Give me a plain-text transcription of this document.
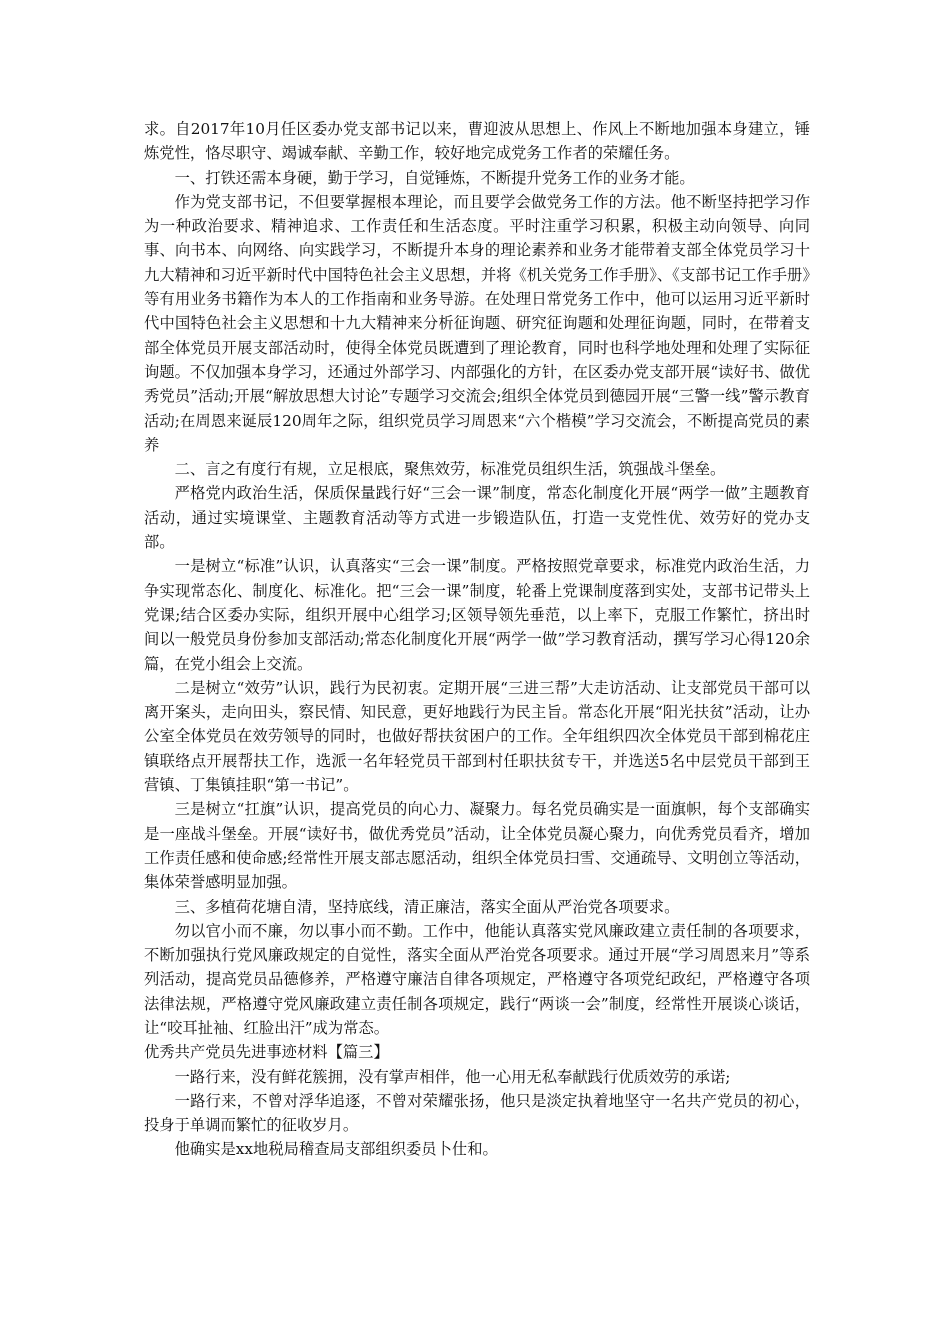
求。自2017年10月任区委办党支部书记以来，曹迎波从思想上、作风上不断地加强本身建立，锤炼党性，恪尽职守、竭诚奉献、辛勤工作，较好地完成党务工作者的荣耀任务。

一、打铁还需本身硬，勤于学习，自觉锤炼，不断提升党务工作的业务才能。

作为党支部书记，不但要掌握根本理论，而且要学会做党务工作的方法。他不断坚持把学习作为一种政治要求、精神追求、工作责任和生活态度。平时注重学习积累，积极主动向领导、向同事、向书本、向网络、向实践学习，不断提升本身的理论素养和业务才能带着支部全体党员学习十九大精神和习近平新时代中国特色社会主义思想，并将《机关党务工作手册》、《支部书记工作手册》等有用业务书籍作为本人的工作指南和业务导游。在处理日常党务工作中，他可以运用习近平新时代中国特色社会主义思想和十九大精神来分析征询题、研究征询题和处理征询题，同时，在带着支部全体党员开展支部活动时，使得全体党员既遭到了理论教育，同时也科学地处理和处理了实际征询题。不仅加强本身学习，还通过外部学习、内部强化的方针，在区委办党支部开展“读好书、做优秀党员”活动;开展“解放思想大讨论”专题学习交流会;组织全体党员到德园开展“三警一线”警示教育活动;在周恩来诞辰120周年之际，组织党员学习周恩来“六个楷模”学习交流会，不断提高党员的素养

二、言之有度行有规，立足根底，聚焦效劳，标准党员组织生活，筑强战斗堡垒。

严格党内政治生活，保质保量践行好“三会一课”制度，常态化制度化开展“两学一做”主题教育活动，通过实境课堂、主题教育活动等方式进一步锻造队伍，打造一支党性优、效劳好的党办支部。

一是树立“标准”认识，认真落实“三会一课”制度。严格按照党章要求，标准党内政治生活，力争实现常态化、制度化、标准化。把“三会一课”制度，轮番上党课制度落到实处，支部书记带头上党课;结合区委办实际，组织开展中心组学习;区领导领先垂范，以上率下，克服工作繁忙，挤出时间以一般党员身份参加支部活动;常态化制度化开展“两学一做”学习教育活动，撰写学习心得120余篇，在党小组会上交流。

二是树立“效劳”认识，践行为民初衷。定期开展“三进三帮”大走访活动、让支部党员干部可以离开案头，走向田头，察民情、知民意，更好地践行为民主旨。常态化开展“阳光扶贫”活动，让办公室全体党员在效劳领导的同时，也做好帮扶贫困户的工作。全年组织四次全体党员干部到棉花庄镇联络点开展帮扶工作，选派一名年轻党员干部到村任职扶贫专干，并选送5名中层党员干部到王营镇、丁集镇挂职“第一书记”。

三是树立“扛旗”认识，提高党员的向心力、凝聚力。每名党员确实是一面旗帜，每个支部确实是一座战斗堡垒。开展“读好书，做优秀党员”活动，让全体党员凝心聚力，向优秀党员看齐，增加工作责任感和使命感;经常性开展支部志愿活动，组织全体党员扫雪、交通疏导、文明创立等活动，集体荣誉感明显加强。

三、多植荷花塘自清，坚持底线，清正廉洁，落实全面从严治党各项要求。

勿以官小而不廉，勿以事小而不勤。工作中，他能认真落实党风廉政建立责任制的各项要求，不断加强执行党风廉政规定的自觉性，落实全面从严治党各项要求。通过开展“学习周恩来月”等系列活动，提高党员品德修养，严格遵守廉洁自律各项规定，严格遵守各项党纪政纪，严格遵守各项法律法规，严格遵守党风廉政建立责任制各项规定，践行“两谈一会”制度，经常性开展谈心谈话，让“咬耳扯袖、红脸出汗”成为常态。

优秀共产党员先进事迹材料【篇三】

一路行来，没有鲜花簇拥，没有掌声相伴，他一心用无私奉献践行优质效劳的承诺;

一路行来，不曾对浮华追逐，不曾对荣耀张扬，他只是淡定执着地坚守一名共产党员的初心，投身于单调而繁忙的征收岁月。

他确实是xx地税局稽查局支部组织委员卜仕和。
